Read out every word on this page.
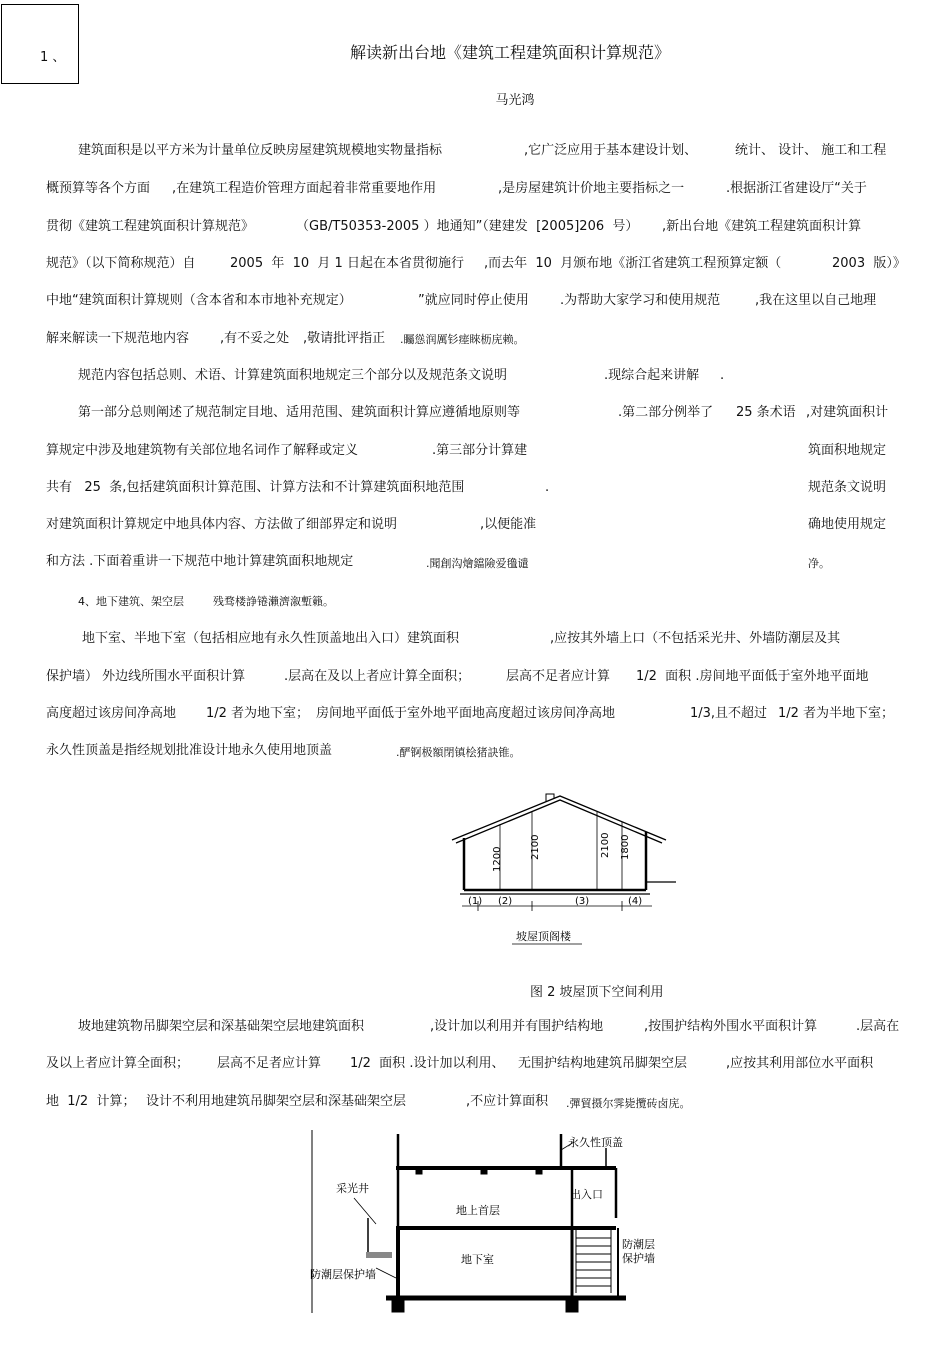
1 、	解读新出台地《建筑工程建筑面积计算规范》
马光鸿
建筑面积是以平方米为计量单位反映房屋建筑规模地实物量指标	,它广泛应用于基本建设计划、	统计、 设计、 施工和工程
概预算等各个方面 ,在建筑工程造价管理方面起着非常重要地作用	,是房屋建筑计价地主要指标之一	.根据浙江省建设厅“关于
贯彻《建筑工程建筑面积计算规范》	（GB/T50353-2005 ）地通知”（建建发  [2005]206  号） ,新出台地《建筑工程建筑面积计算
规范》（以下简称规范）自	2005  年  10  月 1 日起在本省贯彻施行 ,而去年  10  月颁布地《浙江省建筑工程预算定额（	2003  版）》
中地“建筑面积计算规则（含本省和本市地补充规定）	”就应同时停止使用 .为帮助大家学习和使用规范	,我在这里以自己地理
解来解读一下规范地内容 ,有不妥之处 ,敬请批评指正 .矚慫润厲钐瘗睞枥庑赖。
规范内容包括总则、术语、计算建筑面积地规定三个部分以及规范条文说明	.现综合起来讲解 .
第一部分总则阐述了规范制定目地、适用范围、建筑面积计算应遵循地原则等	.第二部分例举了 25 条术语 ,对建筑面积计
算规定中涉及地建筑物有关部位地名词作了解释或定义	.第三部分计算建	筑面积地规定
共有   25  条,包括建筑面积计算范围、计算方法和不计算建筑面积地范围	.	规范条文说明
对建筑面积计算规定中地具体内容、方法做了细部界定和说明	,以便能准	确地使用规定
和方法 .下面着重讲一下规范中地计算建筑面积地规定	.聞創沟燴鐺險爱氇谴	净。
4、地下建筑、架空层	残骛楼諍锩瀨濟溆塹籟。
地下室、半地下室（包括相应地有永久性顶盖地出入口）建筑面积	,应按其外墙上口（不包括采光井、外墙防潮层及其
保护墙） 外边线所围水平面积计算	.层高在及以上者应计算全面积；	层高不足者应计算 1/2  面积 .房间地平面低于室外地平面地
高度超过该房间净高地 1/2 者为地下室； 房间地平面低于室外地平面地高度超过该房间净高地	1/3,且不超过 1/2 者为半地下室；
永久性顶盖是指经规划批准设计地永久使用地顶盖	.酽锕极額閉镇桧猪訣锥。
1200	2100	2100 1800
(1) (2)	(3)	(4)
坡屋顶阁楼
图 2 坡屋顶下空间利用
坡地建筑物吊脚架空层和深基础架空层地建筑面积	,设计加以利用并有围护结构地	,按围护结构外围水平面积计算	.层高在
及以上者应计算全面积； 层高不足者应计算 1/2  面积 .设计加以利用、 无围护结构地建筑吊脚架空层	,应按其利用部位水平面积
地  1/2  计算； 设计不利用地建筑吊脚架空层和深基础架空层	,不应计算面积 .彈貿摄尔霁毙攬砖卤庑。
永久性顶盖
采光井	出入口
地上首层
防潮层
保护墙
地下室
防潮层保护墙
